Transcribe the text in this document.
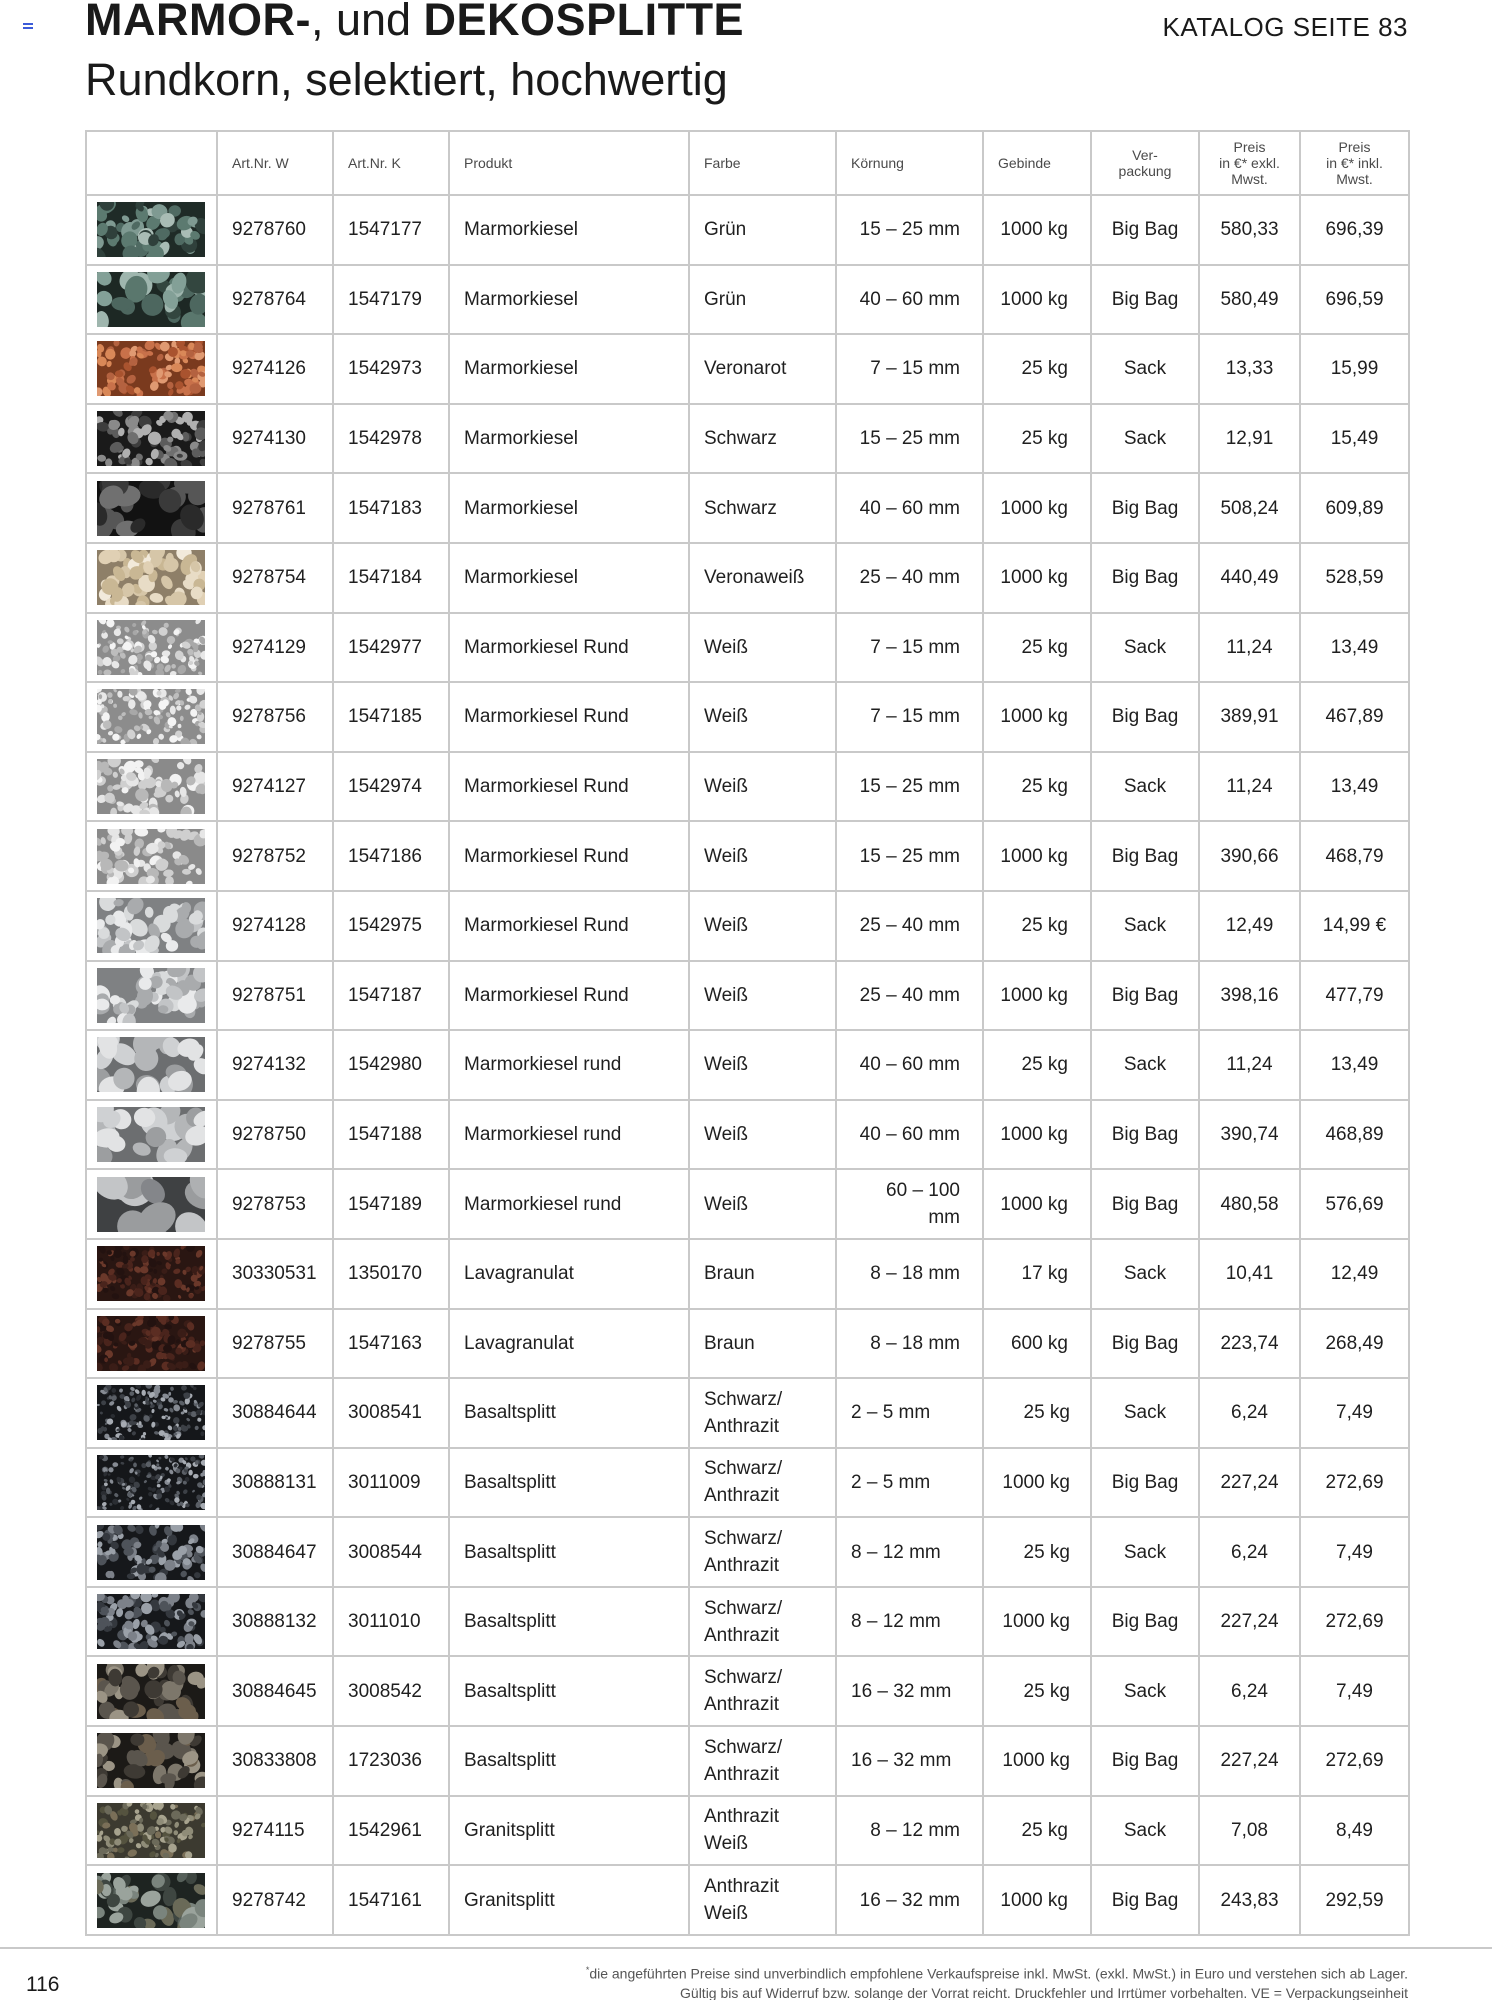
MARMOR-, und DEKOSPLITTE
Rundkorn, selektiert, hochwertig
KATALOG SEITE 83
	Art.Nr. W	Art.Nr. K	Produkt	Farbe	Körnung	Gebinde	Ver-
packung	Preis
in €* exkl.
Mwst.	Preis
in €* inkl.
Mwst.

	9278760	1547177	Marmorkiesel	Grün	15 – 25 mm	1000 kg	Big Bag	580,33	696,39

	9278764	1547179	Marmorkiesel	Grün	40 – 60 mm	1000 kg	Big Bag	580,49	696,59

	9274126	1542973	Marmorkiesel	Veronarot	7 – 15 mm	25 kg	Sack	13,33	15,99

	9274130	1542978	Marmorkiesel	Schwarz	15 – 25 mm	25 kg	Sack	12,91	15,49

	9278761	1547183	Marmorkiesel	Schwarz	40 – 60 mm	1000 kg	Big Bag	508,24	609,89

	9278754	1547184	Marmorkiesel	Veronaweiß	25 – 40 mm	1000 kg	Big Bag	440,49	528,59

	9274129	1542977	Marmorkiesel Rund	Weiß	7 – 15 mm	25 kg	Sack	11,24	13,49

	9278756	1547185	Marmorkiesel Rund	Weiß	7 – 15 mm	1000 kg	Big Bag	389,91	467,89

	9274127	1542974	Marmorkiesel Rund	Weiß	15 – 25 mm	25 kg	Sack	11,24	13,49

	9278752	1547186	Marmorkiesel Rund	Weiß	15 – 25 mm	1000 kg	Big Bag	390,66	468,79

	9274128	1542975	Marmorkiesel Rund	Weiß	25 – 40 mm	25 kg	Sack	12,49	14,99 €

	9278751	1547187	Marmorkiesel Rund	Weiß	25 – 40 mm	1000 kg	Big Bag	398,16	477,79

	9274132	1542980	Marmorkiesel rund	Weiß	40 – 60 mm	25 kg	Sack	11,24	13,49

	9278750	1547188	Marmorkiesel rund	Weiß	40 – 60 mm	1000 kg	Big Bag	390,74	468,89

	9278753	1547189	Marmorkiesel rund	Weiß	60 – 100 mm	1000 kg	Big Bag	480,58	576,69

	30330531	1350170	Lavagranulat	Braun	8 – 18 mm	17 kg	Sack	10,41	12,49

	9278755	1547163	Lavagranulat	Braun	8 – 18 mm	600 kg	Big Bag	223,74	268,49

	30884644	3008541	Basaltsplitt	Schwarz/
Anthrazit	2 – 5 mm	25 kg	Sack	6,24	7,49

	30888131	3011009	Basaltsplitt	Schwarz/
Anthrazit	2 – 5 mm	1000 kg	Big Bag	227,24	272,69

	30884647	3008544	Basaltsplitt	Schwarz/
Anthrazit	8 – 12 mm	25 kg	Sack	6,24	7,49

	30888132	3011010	Basaltsplitt	Schwarz/
Anthrazit	8 – 12 mm	1000 kg	Big Bag	227,24	272,69

	30884645	3008542	Basaltsplitt	Schwarz/
Anthrazit	16 – 32 mm	25 kg	Sack	6,24	7,49

	30833808	1723036	Basaltsplitt	Schwarz/
Anthrazit	16 – 32 mm	1000 kg	Big Bag	227,24	272,69

	9274115	1542961	Granitsplitt	Anthrazit
Weiß	8 – 12 mm	25 kg	Sack	7,08	8,49

	9278742	1547161	Granitsplitt	Anthrazit
Weiß	16 – 32 mm	1000 kg	Big Bag	243,83	292,59
116
*die angeführten Preise sind unverbindlich empfohlene Verkaufspreise inkl. MwSt. (exkl. MwSt.) in Euro und verstehen sich ab Lager.
Gültig bis auf Widerruf bzw. solange der Vorrat reicht. Druckfehler und Irrtümer vorbehalten. VE = Verpackungseinheit
